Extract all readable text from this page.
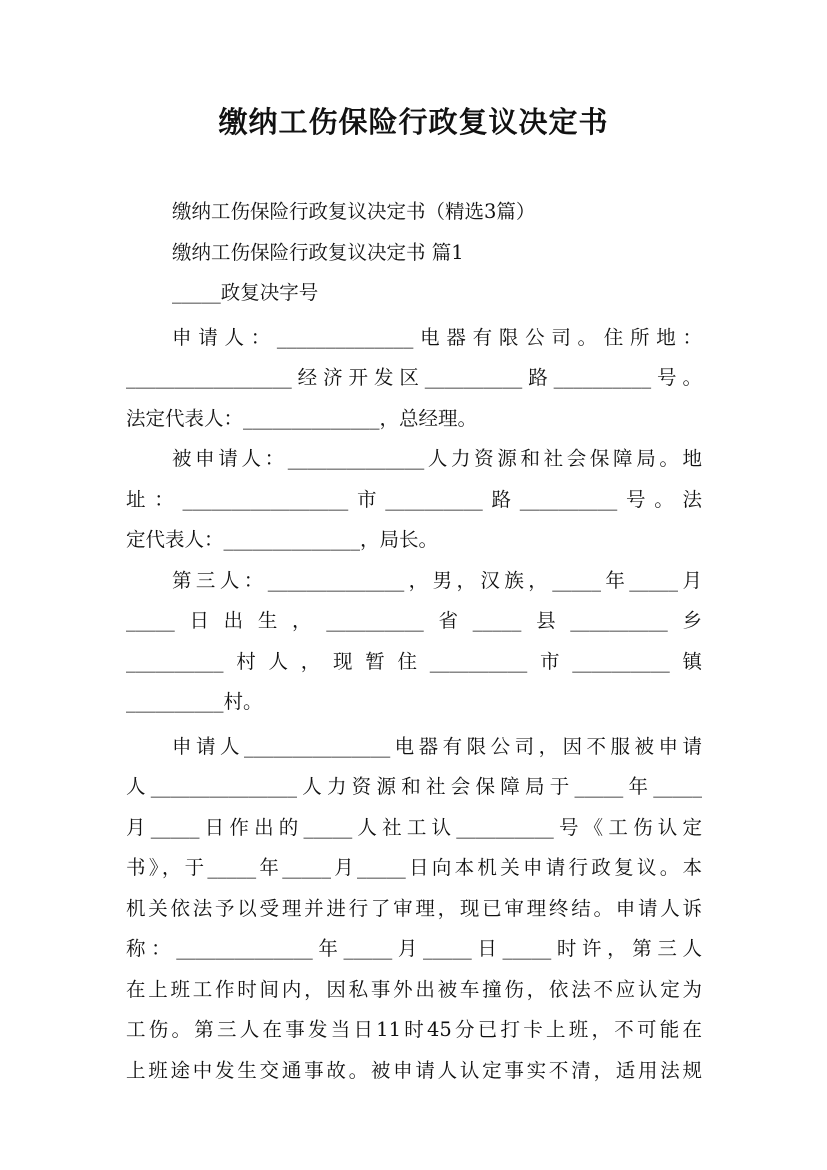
缴纳工伤保险行政复议决定书

缴纳工伤保险行政复议决定书（精选3篇）

缴纳工伤保险行政复议决定书 篇1

_____政复决字号

申请人：______________电器有限公司。住所地：

_________________经济开发区__________路__________号。

法定代表人：______________，总经理。

被申请人：______________人力资源和社会保障局。地

址：_________________市__________路__________号。法

定代表人：______________，局长。

第三人：______________，男，汉族，_____年_____月

_____日出生，__________省_____县__________乡

__________村人，现暂住__________市__________镇

__________村。

申请人_______________电器有限公司，因不服被申请

人_______________人力资源和社会保障局于_____年_____

月_____日作出的_____人社工认__________号《工伤认定

书》，于_____年_____月_____日向本机关申请行政复议。本

机关依法予以受理并进行了审理，现已审理终结。申请人诉

称：______________年_____月_____日_____时许，第三人

在上班工作时间内，因私事外出被车撞伤，依法不应认定为

工伤。第三人在事发当日11时45分已打卡上班，不可能在

上班途中发生交通事故。被申请人认定事实不清，适用法规
